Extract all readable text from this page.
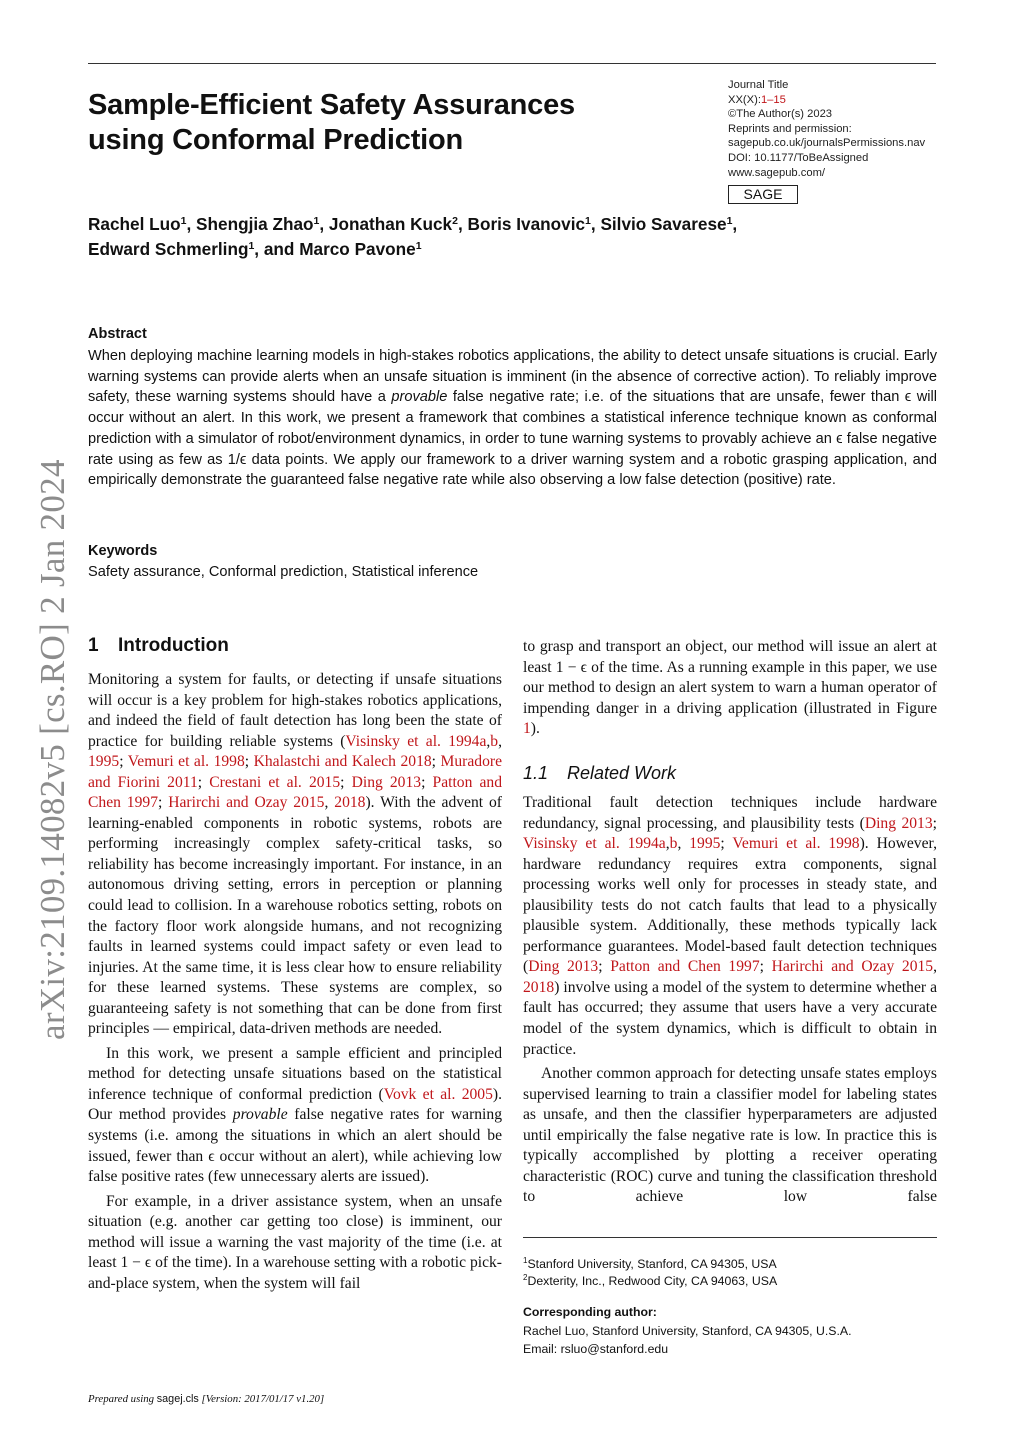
Sample-Efficient Safety Assurances
using Conformal Prediction
Journal Title
XX(X):1–15
©The Author(s) 2023
Reprints and permission:
sagepub.co.uk/journalsPermissions.nav
DOI: 10.1177/ToBeAssigned
www.sagepub.com/
SAGE
Rachel Luo$^1$, Shengjia Zhao$^1$, Jonathan Kuck$^2$, Boris Ivanovic$^1$, Silvio Savarese$^1$,
Edward Schmerling$^1$, and Marco Pavone$^1$
Abstract
When deploying machine learning models in high-stakes robotics applications, the ability to detect unsafe situations is crucial. Early warning systems can provide alerts when an unsafe situation is imminent (in the absence of corrective action). To reliably improve safety, these warning systems should have a provable false negative rate; i.e. of the situations that are unsafe, fewer than ϵ will occur without an alert. In this work, we present a framework that combines a statistical inference technique known as conformal prediction with a simulator of robot/environment dynamics, in order to tune warning systems to provably achieve an ϵ false negative rate using as few as 1/ϵ data points. We apply our framework to a driver warning system and a robotic grasping application, and empirically demonstrate the guaranteed false negative rate while also observing a low false detection (positive) rate.
Keywords
Safety assurance, Conformal prediction, Statistical inference
arXiv:2109.14082v5 [cs.RO] 2 Jan 2024 1 Introduction

Monitoring a system for faults, or detecting if unsafe situations will occur is a key problem for high-stakes robotics applications, and indeed the field of fault detection has long been the state of practice for building reliable systems (Visinsky et al. 1994a,b, 1995; Vemuri et al. 1998; Khalastchi and Kalech 2018; Muradore and Fiorini 2011; Crestani et al. 2015; Ding 2013; Patton and Chen 1997; Harirchi and Ozay 2015, 2018). With the advent of learning-enabled components in robotic systems, robots are performing increasingly complex safety-critical tasks, so reliability has become increasingly important. For instance, in an autonomous driving setting, errors in perception or planning could lead to collision. In a warehouse robotics setting, robots on the factory floor work alongside humans, and not recognizing faults in learned systems could impact safety or even lead to injuries. At the same time, it is less clear how to ensure reliability for these learned systems. These systems are complex, so guaranteeing safety is not something that can be done from first principles — empirical, data-driven methods are needed.

In this work, we present a sample efficient and principled method for detecting unsafe situations based on the statistical inference technique of conformal prediction (Vovk et al. 2005). Our method provides provable false negative rates for warning systems (i.e. among the situations in which an alert should be issued, fewer than ϵ occur without an alert), while achieving low false positive rates (few unnecessary alerts are issued).

For example, in a driver assistance system, when an unsafe situation (e.g. another car getting too close) is imminent, our method will issue a warning the vast majority of the time (i.e. at least 1 − ϵ of the time). In a warehouse setting with a robotic pick-and-place system, when the system will fail

to grasp and transport an object, our method will issue an alert at least 1 − ϵ of the time. As a running example in this paper, we use our method to design an alert system to warn a human operator of impending danger in a driving application (illustrated in Figure 1).

1.1 Related Work

Traditional fault detection techniques include hardware redundancy, signal processing, and plausibility tests (Ding 2013; Visinsky et al. 1994a,b, 1995; Vemuri et al. 1998). However, hardware redundancy requires extra components, signal processing works well only for processes in steady state, and plausibility tests do not catch faults that lead to a physically plausible system. Additionally, these methods typically lack performance guarantees. Model-based fault detection techniques (Ding 2013; Patton and Chen 1997; Harirchi and Ozay 2015, 2018) involve using a model of the system to determine whether a fault has occurred; they assume that users have a very accurate model of the system dynamics, which is difficult to obtain in practice.

Another common approach for detecting unsafe states employs supervised learning to train a classifier model for labeling states as unsafe, and then the classifier hyperparameters are adjusted until empirically the false negative rate is low. In practice this is typically accomplished by plotting a receiver operating characteristic (ROC) curve and tuning the classification threshold to achieve low false

$^1$Stanford University, Stanford, CA 94305, USA
$^2$Dexterity, Inc., Redwood City, CA 94063, USA
Corresponding author:
Rachel Luo, Stanford University, Stanford, CA 94305, U.S.A.
Email: rsluo@stanford.edu
Prepared using sagej.cls [Version: 2017/01/17 v1.20]
